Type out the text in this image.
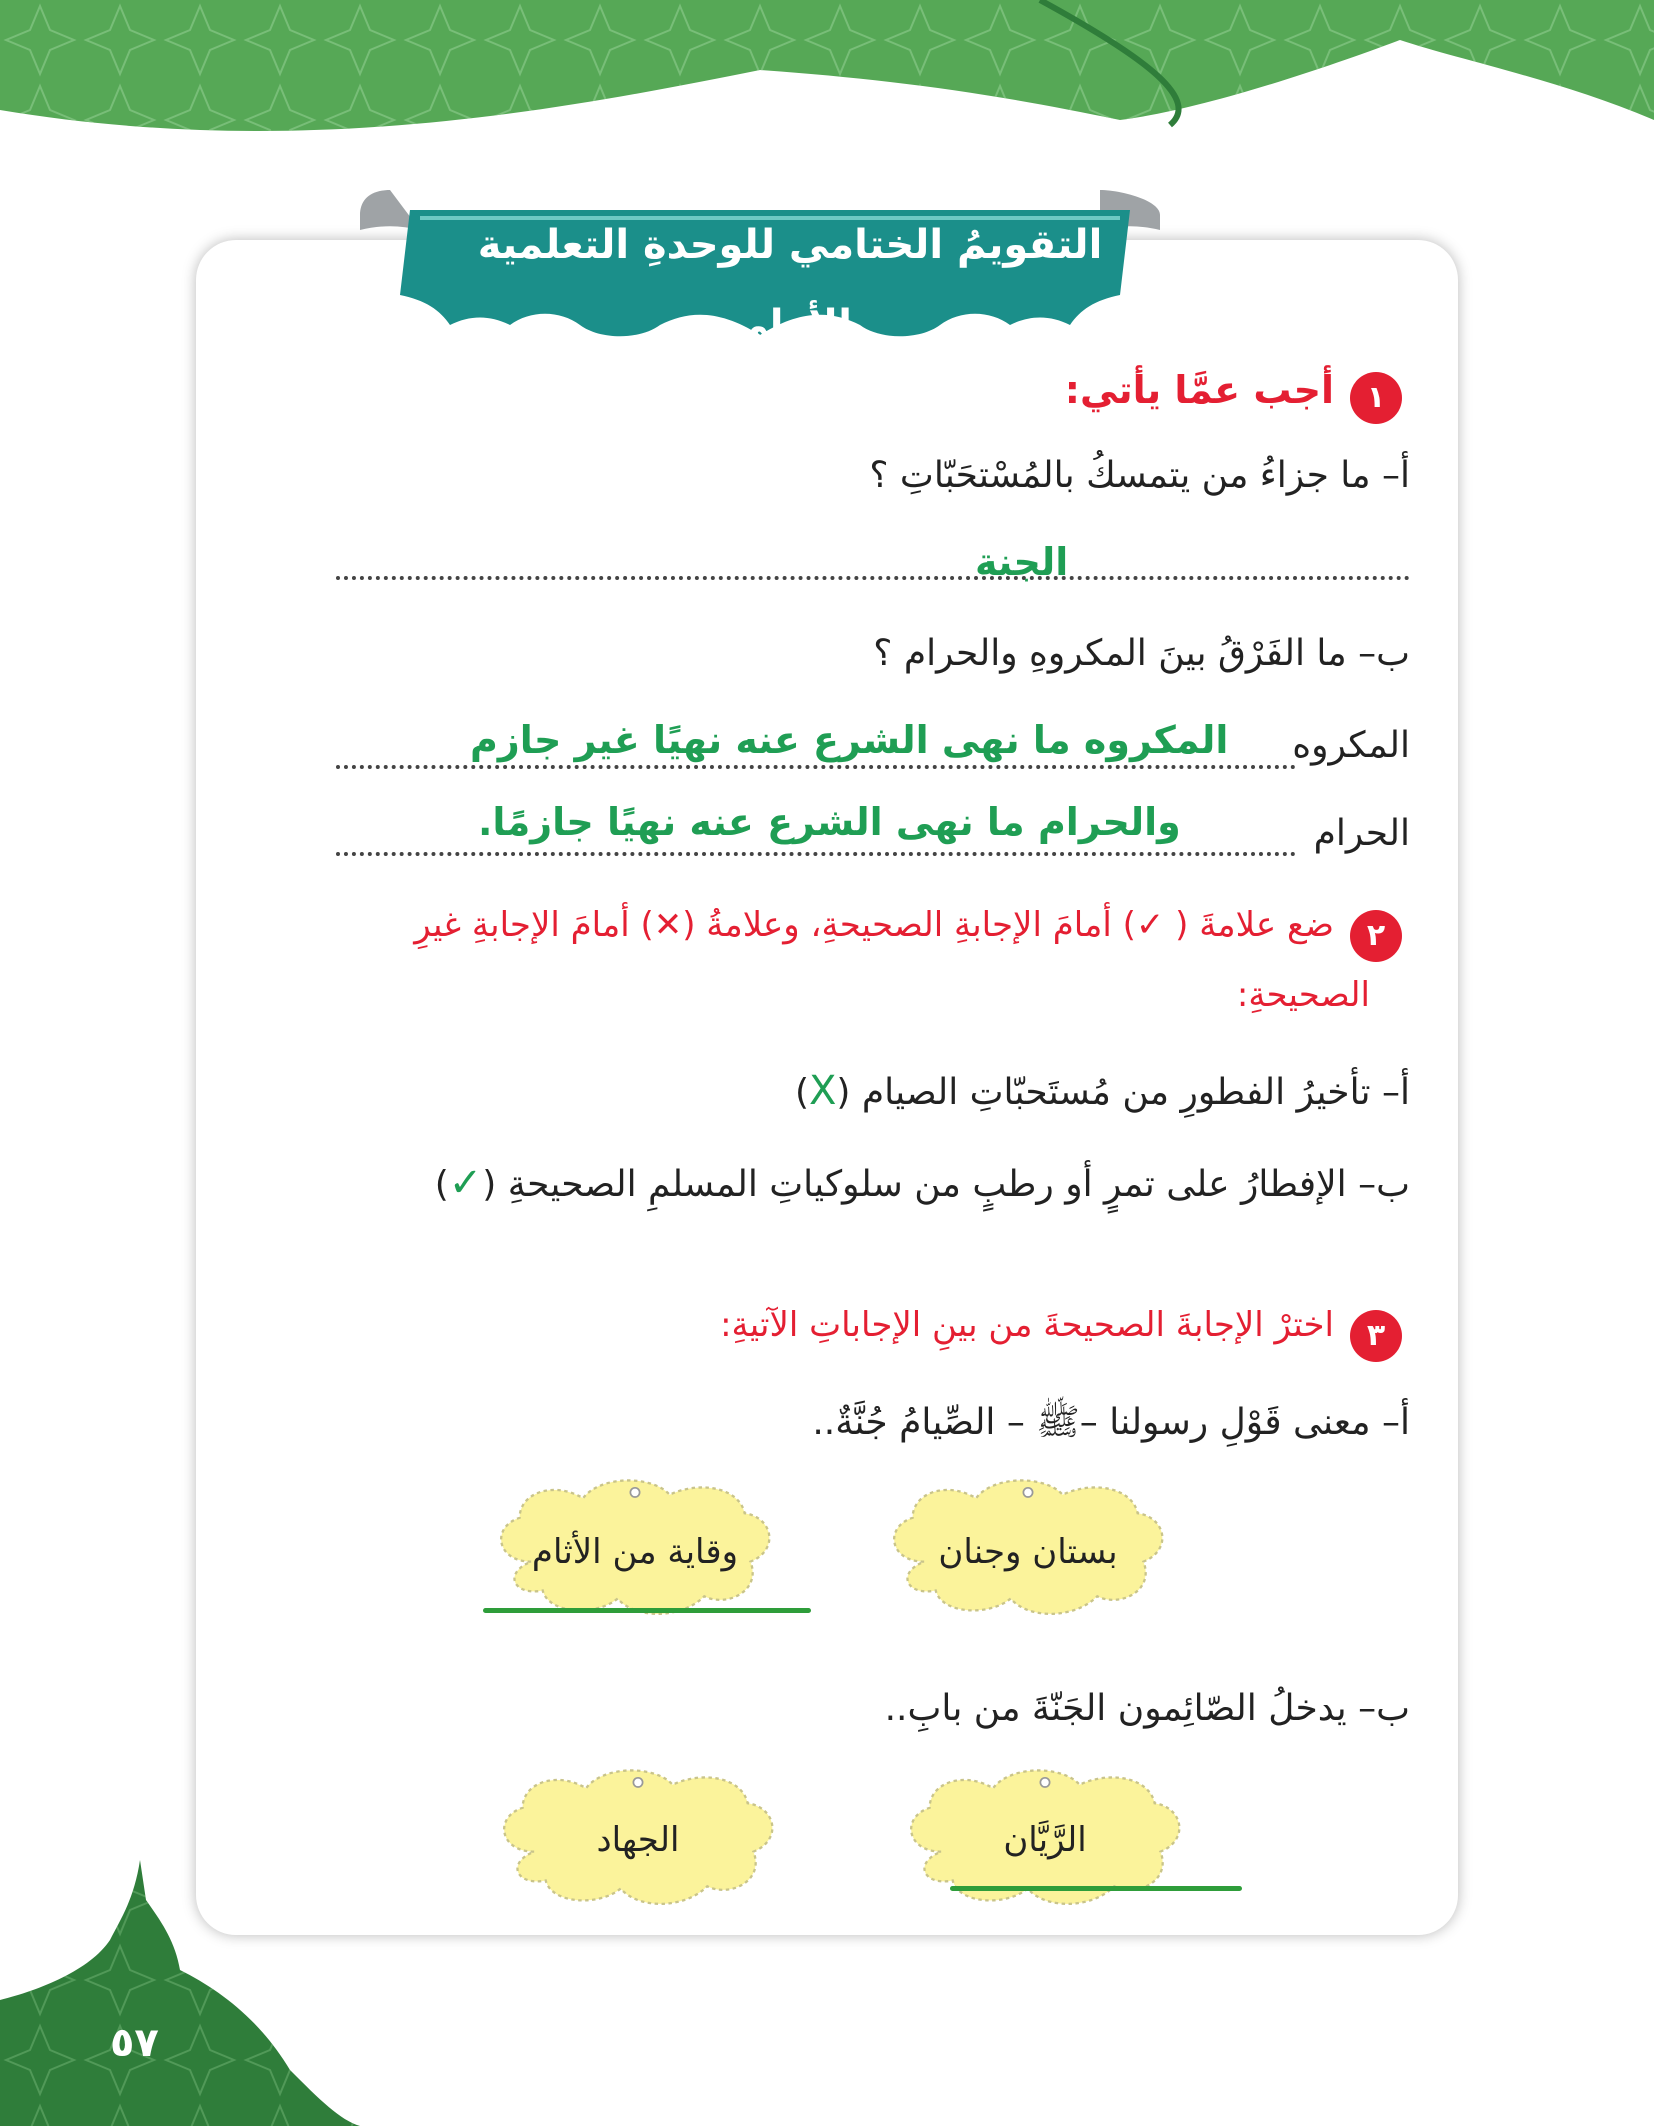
٥٧
التقويمُ الختامي للوحدةِ التعلمية الأولى
١
أجب عمَّا يأتي:
أ– ما جزاءُ من يتمسكُ بالمُسْتحَبّاتِ ؟
الجنة
ب– ما الفَرْقُ بينَ المكروهِ والحرام ؟
المكروه
المكروه ما نهى الشرع عنه نهيًا غير جازم
الحرام
والحرام ما نهى الشرع عنه نهيًا جازمًا.
٢
ضع علامةَ ( ✓) أمامَ الإجابةِ الصحيحةِ، وعلامةُ (✕) أمامَ الإجابةِ غيرِ
الصحيحةِ:
أ– تأخيرُ الفطورِ من مُستَحبّاتِ الصيام (X)
ب– الإفطارُ على تمرٍ أو رطبٍ من سلوكياتِ المسلمِ الصحيحةِ (✓)
٣
اخترْ الإجابةَ الصحيحةَ من بينِ الإجاباتِ الآتيةِ:
أ– معنى قَوْلِ رسولنا –ﷺ – الصِّيامُ جُنَّةٌ..
بستان وجنان
وقاية من الأثام
ب– يدخلُ الصّائِمون الجَنّةَ من بابِ..
الرَّيَّان
الجهاد
